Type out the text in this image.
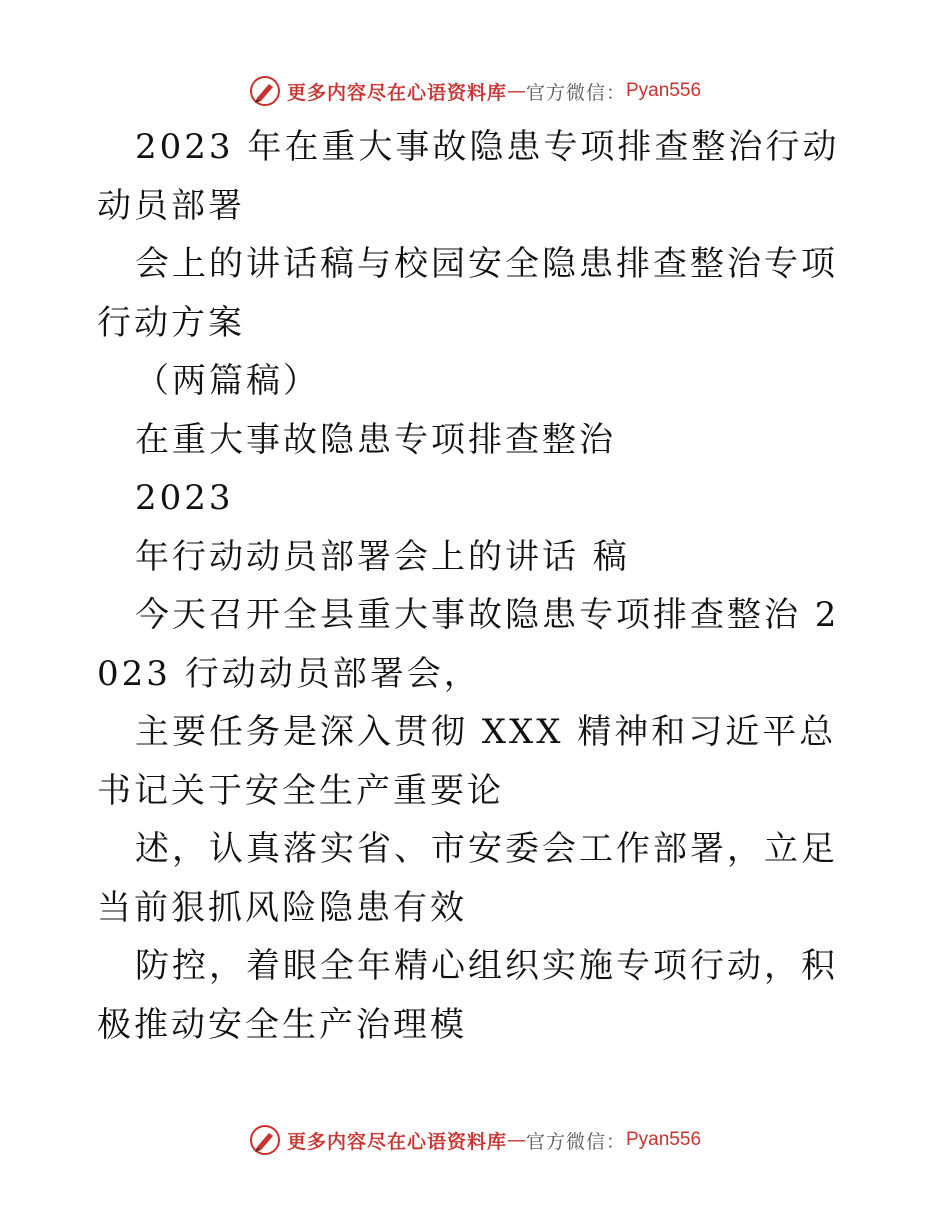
更多内容尽在心语资料库 — 官方微信： Pyan556

2023 年在重大事故隐患专项排查整治行动动员部署

会上的讲话稿与校园安全隐患排查整治专项行动方案

（两篇稿）

在重大事故隐患专项排查整治

2023

年行动动员部署会上的讲话 稿

今天召开全县重大事故隐患专项排查整治 2023 行动动员部署会，

主要任务是深入贯彻 XXX 精神和习近平总书记关于安全生产重要论

述，认真落实省、市安委会工作部署，立足当前狠抓风险隐患有效

防控，着眼全年精心组织实施专项行动，积极推动安全生产治理模

更多内容尽在心语资料库 — 官方微信： Pyan556
